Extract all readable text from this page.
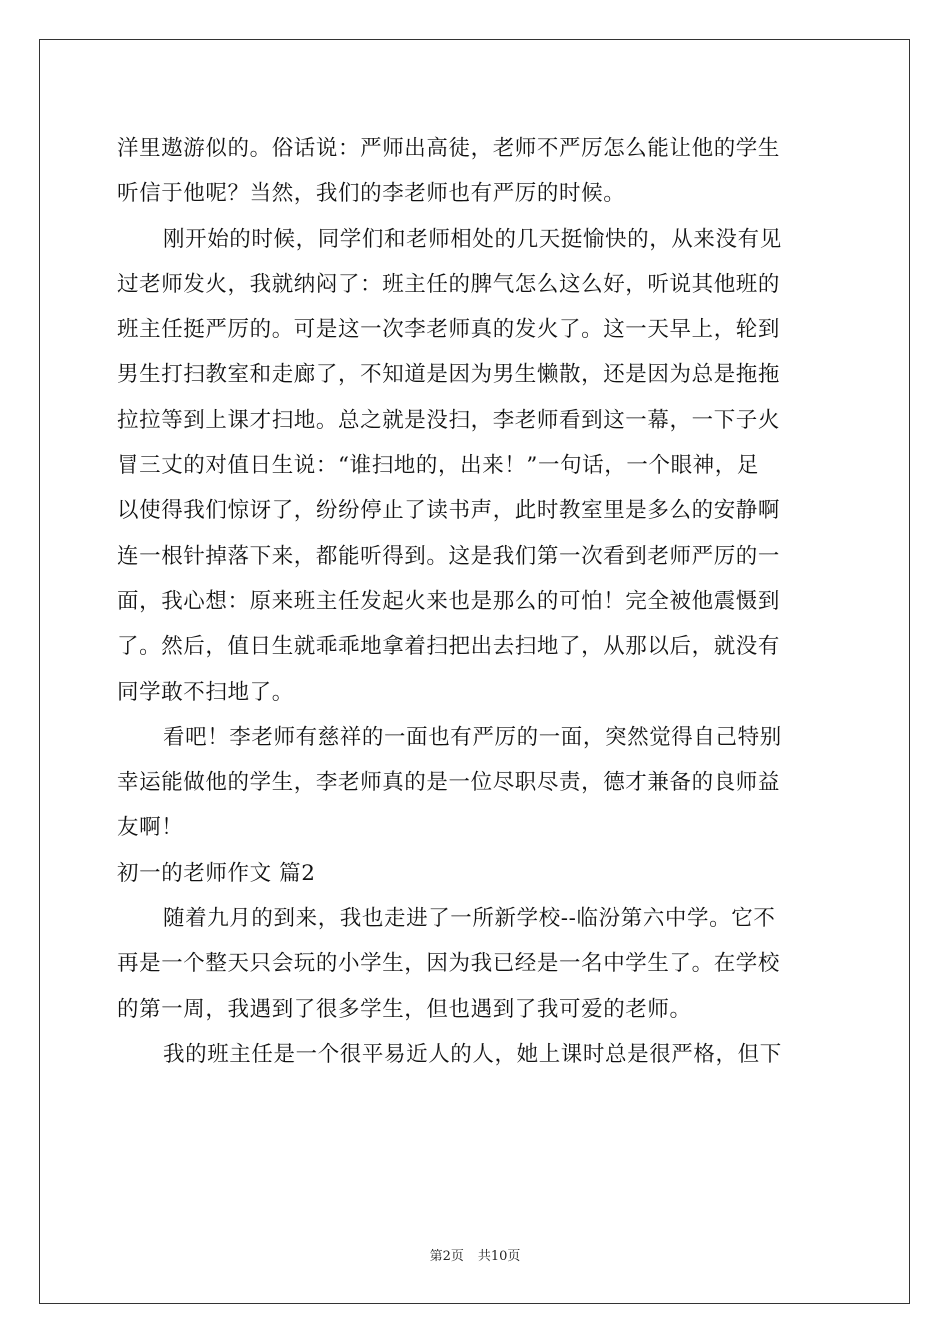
洋里遨游似的。俗话说：严师出高徒，老师不严厉怎么能让他的学生
听信于他呢？当然，我们的李老师也有严厉的时候。
刚开始的时候，同学们和老师相处的几天挺愉快的，从来没有见
过老师发火，我就纳闷了：班主任的脾气怎么这么好，听说其他班的
班主任挺严厉的。可是这一次李老师真的发火了。这一天早上，轮到
男生打扫教室和走廊了，不知道是因为男生懒散，还是因为总是拖拖
拉拉等到上课才扫地。总之就是没扫，李老师看到这一幕，一下子火
冒三丈的对值日生说：“谁扫地的，出来！”一句话，一个眼神，足
以使得我们惊讶了，纷纷停止了读书声，此时教室里是多么的安静啊
连一根针掉落下来，都能听得到。这是我们第一次看到老师严厉的一
面，我心想：原来班主任发起火来也是那么的可怕！完全被他震慑到
了。然后，值日生就乖乖地拿着扫把出去扫地了，从那以后，就没有
同学敢不扫地了。
看吧！李老师有慈祥的一面也有严厉的一面，突然觉得自己特别
幸运能做他的学生，李老师真的是一位尽职尽责，德才兼备的良师益
友啊！
初一的老师作文 篇2
随着九月的到来，我也走进了一所新学校--临汾第六中学。它不
再是一个整天只会玩的小学生，因为我已经是一名中学生了。在学校
的第一周，我遇到了很多学生，但也遇到了我可爱的老师。
我的班主任是一个很平易近人的人，她上课时总是很严格，但下
第2页 共10页
